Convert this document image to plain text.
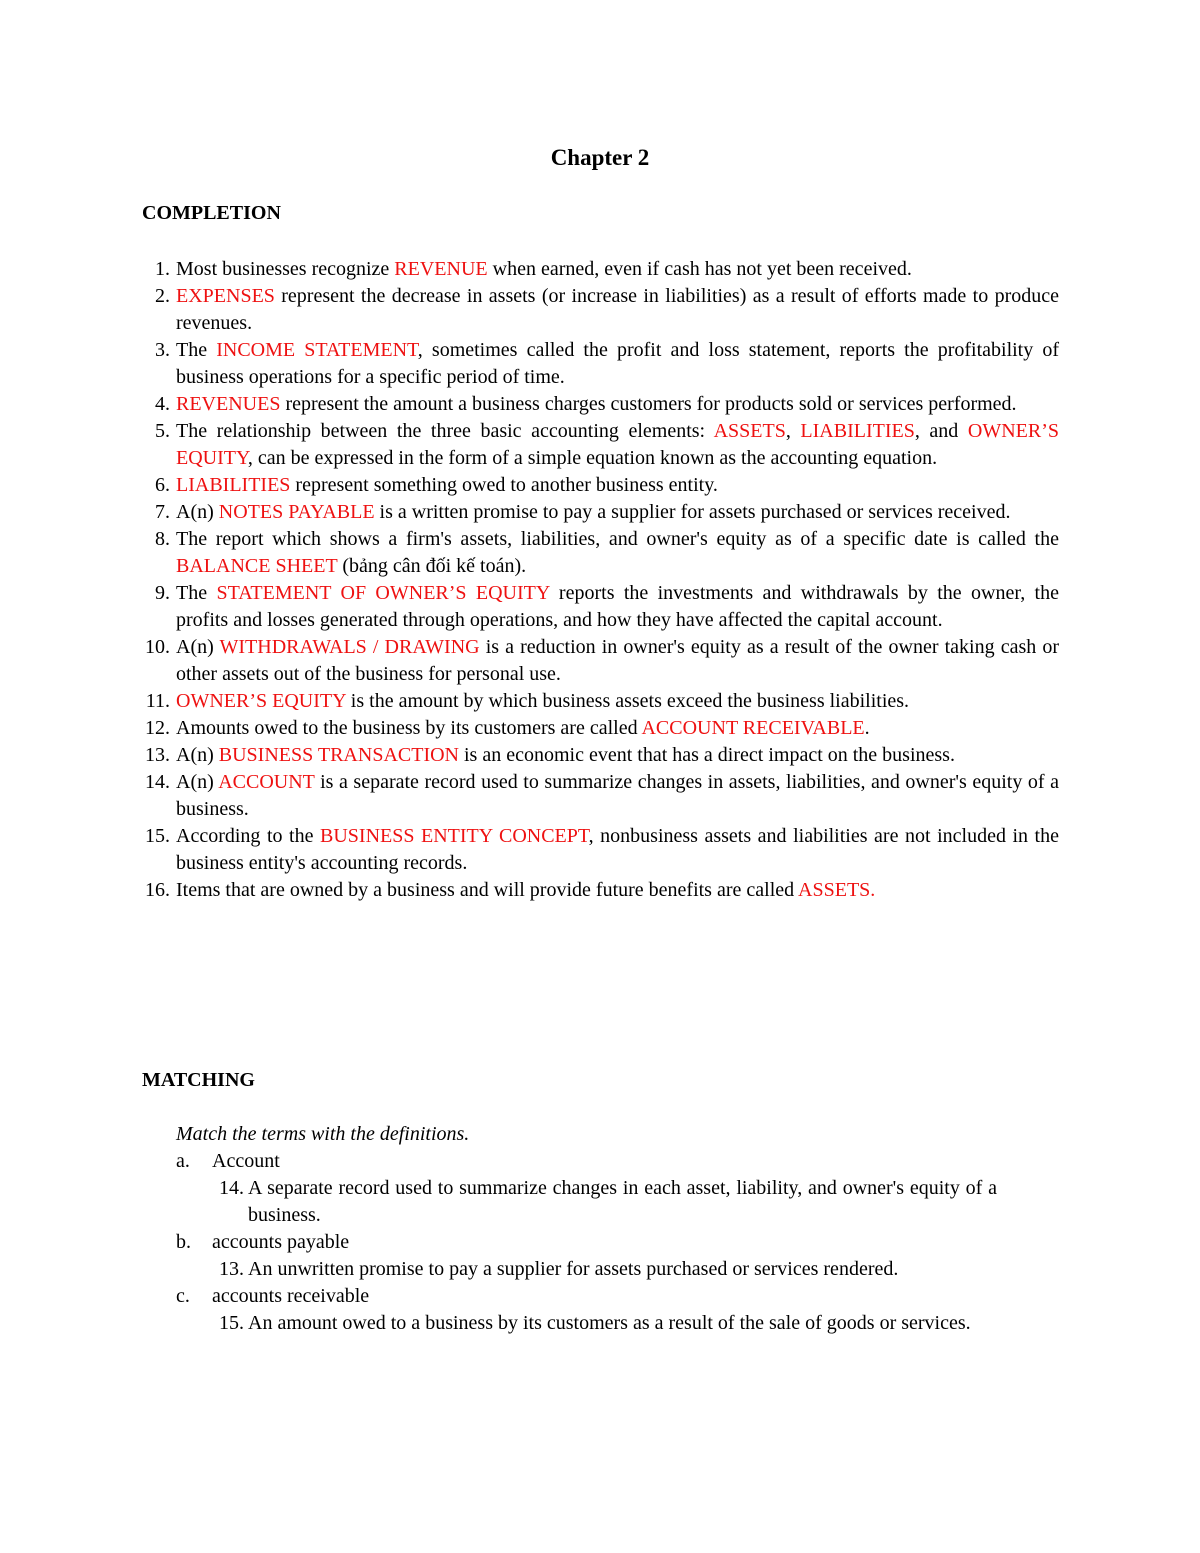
Chapter 2
COMPLETION
1. Most businesses recognize REVENUE when earned, even if cash has not yet been received.
2. EXPENSES represent the decrease in assets (or increase in liabilities) as a result of efforts made to produce revenues.
3. The INCOME STATEMENT, sometimes called the profit and loss statement, reports the profitability of business operations for a specific period of time.
4. REVENUES represent the amount a business charges customers for products sold or services performed.
5. The relationship between the three basic accounting elements: ASSETS, LIABILITIES, and OWNER’S EQUITY, can be expressed in the form of a simple equation known as the accounting equation.
6. LIABILITIES represent something owed to another business entity.
7. A(n) NOTES PAYABLE is a written promise to pay a supplier for assets purchased or services received.
8. The report which shows a firm's assets, liabilities, and owner's equity as of a specific date is called the BALANCE SHEET (bảng cân đối kế toán).
9. The STATEMENT OF OWNER’S EQUITY reports the investments and withdrawals by the owner, the profits and losses generated through operations, and how they have affected the capital account.
10. A(n) WITHDRAWALS / DRAWING is a reduction in owner's equity as a result of the owner taking cash or other assets out of the business for personal use.
11. OWNER’S EQUITY is the amount by which business assets exceed the business liabilities.
12. Amounts owed to the business by its customers are called ACCOUNT RECEIVABLE.
13. A(n) BUSINESS TRANSACTION is an economic event that has a direct impact on the business.
14. A(n) ACCOUNT is a separate record used to summarize changes in assets, liabilities, and owner's equity of a business.
15. According to the BUSINESS ENTITY CONCEPT, nonbusiness assets and liabilities are not included in the business entity's accounting records.
16. Items that are owned by a business and will provide future benefits are called ASSETS.
MATCHING
Match the terms with the definitions.
a. Account
14. A separate record used to summarize changes in each asset, liability, and owner's equity of a business.
b. accounts payable
13. An unwritten promise to pay a supplier for assets purchased or services rendered.
c. accounts receivable
15. An amount owed to a business by its customers as a result of the sale of goods or services.
